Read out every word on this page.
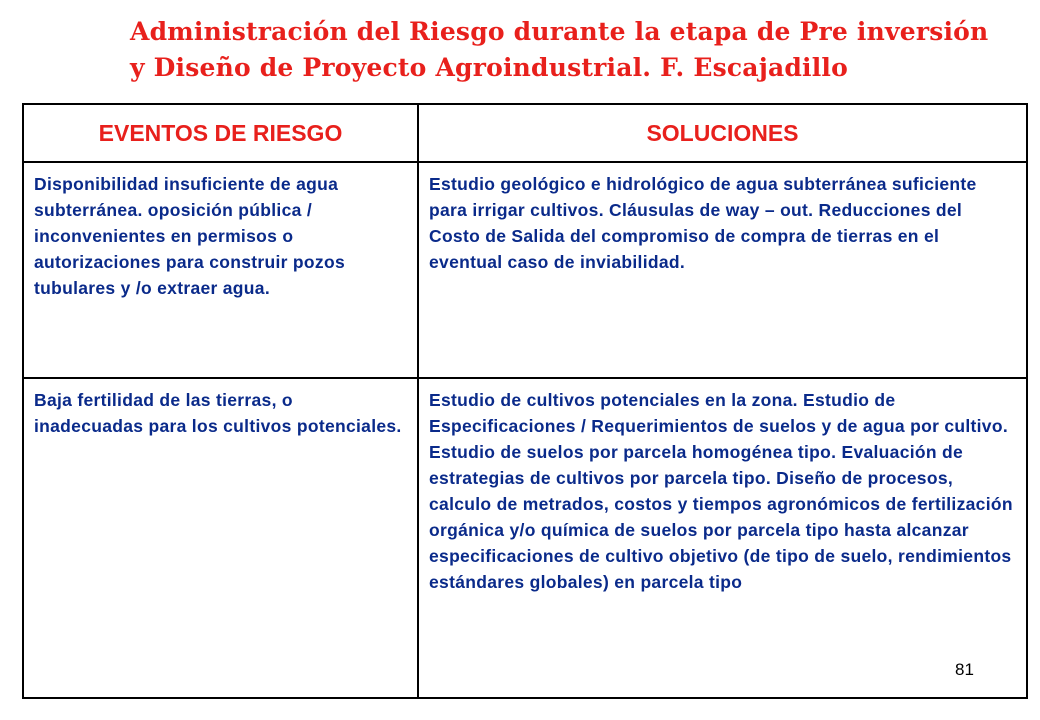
Administración del Riesgo durante la etapa de Pre inversión
y Diseño de Proyecto Agroindustrial. F. Escajadillo
EVENTOS DE RIESGO	SOLUCIONES
Disponibilidad insuficiente de agua subterránea. oposición pública / inconvenientes en permisos o autorizaciones para construir pozos tubulares y /o extraer agua.	Estudio geológico e hidrológico de agua subterránea suficiente para irrigar cultivos. Cláusulas de way – out. Reducciones del Costo de Salida del compromiso de compra de tierras en el eventual caso de inviabilidad.
Baja fertilidad de las tierras, o inadecuadas para los cultivos potenciales.	Estudio de cultivos potenciales en la zona. Estudio de Especificaciones / Requerimientos de suelos y de agua por cultivo. Estudio de suelos por parcela homogénea tipo. Evaluación de estrategias de cultivos por parcela tipo. Diseño de procesos, calculo de metrados, costos y tiempos agronómicos de fertilización orgánica y/o química de suelos por parcela tipo hasta alcanzar especificaciones de cultivo objetivo (de tipo de suelo, rendimientos estándares globales) en parcela tipo
81
